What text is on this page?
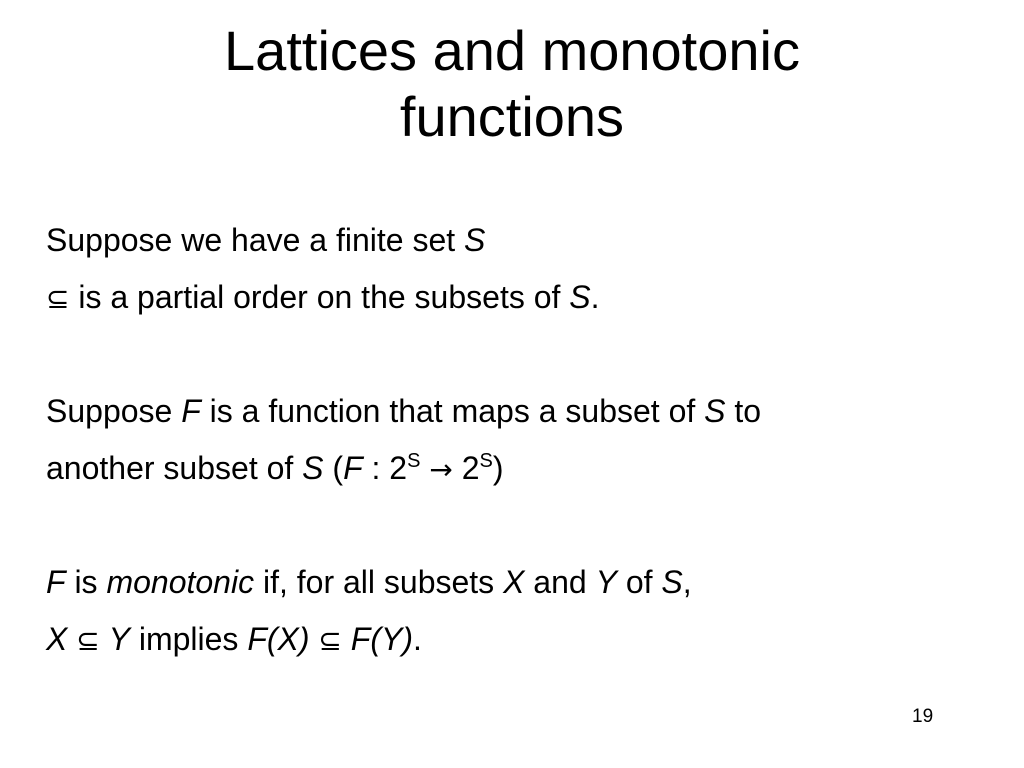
Lattices and monotonic
functions
Suppose we have a finite set S
⊆ is a partial order on the subsets of S.
Suppose F is a function that maps a subset of S to
another subset of S (F : $2^S \to 2^S$)
F is monotonic if, for all subsets X and Y of S,
X ⊆ Y implies F(X) ⊆ F(Y).
19
